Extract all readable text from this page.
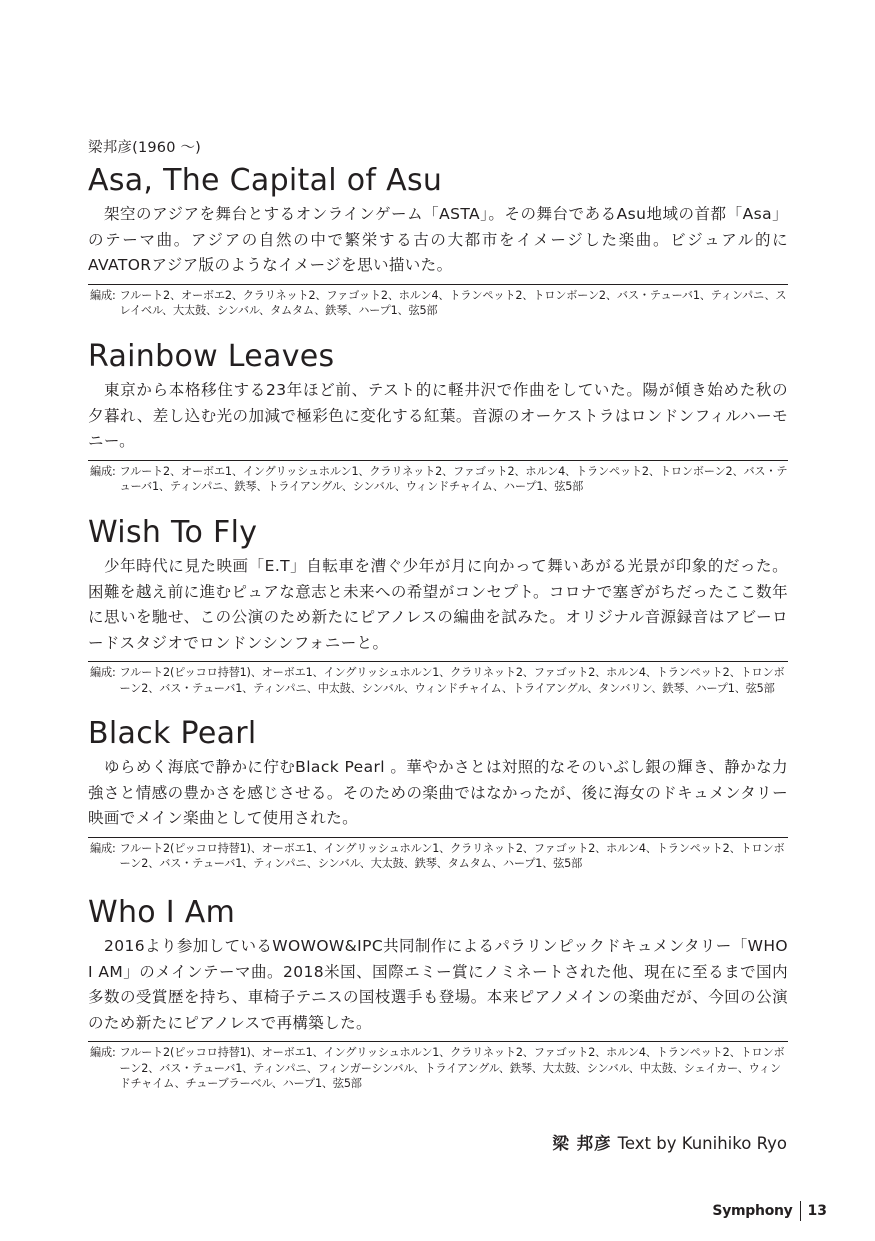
梁邦彦(1960 〜)
Asa, The Capital of Asu

架空のアジアを舞台とするオンラインゲーム「ASTA」。その舞台であるAsu地域の首都「Asa」のテーマ曲。アジアの自然の中で繁栄する古の大都市をイメージした楽曲。ビジュアル的にAVATORアジア版のようなイメージを思い描いた。

編成: フルート2、オーボエ2、クラリネット2、ファゴット2、ホルン4、トランペット2、トロンボーン2、バス・テューバ1、ティンパニ、スレイベル、大太鼓、シンバル、タムタム、鉄琴、ハープ1、弦5部
Rainbow Leaves

東京から本格移住する23年ほど前、テスト的に軽井沢で作曲をしていた。陽が傾き始めた秋の夕暮れ、差し込む光の加減で極彩色に変化する紅葉。音源のオーケストラはロンドンフィルハーモニー。

編成: フルート2、オーボエ1、イングリッシュホルン1、クラリネット2、ファゴット2、ホルン4、トランペット2、トロンボーン2、バス・テューバ1、ティンパニ、鉄琴、トライアングル、シンバル、ウィンドチャイム、ハープ1、弦5部
Wish To Fly

少年時代に見た映画「E.T」自転車を漕ぐ少年が月に向かって舞いあがる光景が印象的だった。困難を越え前に進むピュアな意志と未来への希望がコンセプト。コロナで塞ぎがちだったここ数年に思いを馳せ、この公演のため新たにピアノレスの編曲を試みた。オリジナル音源録音はアビーロードスタジオでロンドンシンフォニーと。

編成: フルート2(ピッコロ持替1)、オーボエ1、イングリッシュホルン1、クラリネット2、ファゴット2、ホルン4、トランペット2、トロンボーン2、バス・テューバ1、ティンパニ、中太鼓、シンバル、ウィンドチャイム、トライアングル、タンバリン、鉄琴、ハープ1、弦5部
Black Pearl

ゆらめく海底で静かに佇むBlack Pearl 。華やかさとは対照的なそのいぶし銀の輝き、静かな力強さと情感の豊かさを感じさせる。そのための楽曲ではなかったが、後に海女のドキュメンタリー映画でメイン楽曲として使用された。

編成: フルート2(ピッコロ持替1)、オーボエ1、イングリッシュホルン1、クラリネット2、ファゴット2、ホルン4、トランペット2、トロンボーン2、バス・テューバ1、ティンパニ、シンバル、大太鼓、鉄琴、タムタム、ハープ1、弦5部
Who I Am

2016より参加しているWOWOW&IPC共同制作によるパラリンピックドキュメンタリー「WHO I AM」のメインテーマ曲。2018米国、国際エミー賞にノミネートされた他、現在に至るまで国内多数の受賞歴を持ち、車椅子テニスの国枝選手も登場。本来ピアノメインの楽曲だが、今回の公演のため新たにピアノレスで再構築した。

編成: フルート2(ピッコロ持替1)、オーボエ1、イングリッシュホルン1、クラリネット2、ファゴット2、ホルン4、トランペット2、トロンボーン2、バス・テューバ1、ティンパニ、フィンガーシンバル、トライアングル、鉄琴、大太鼓、シンバル、中太鼓、シェイカー、ウィンドチャイム、チューブラーベル、ハープ1、弦5部
梁 邦彦 Text by Kunihiko Ryo
Symphony 13
